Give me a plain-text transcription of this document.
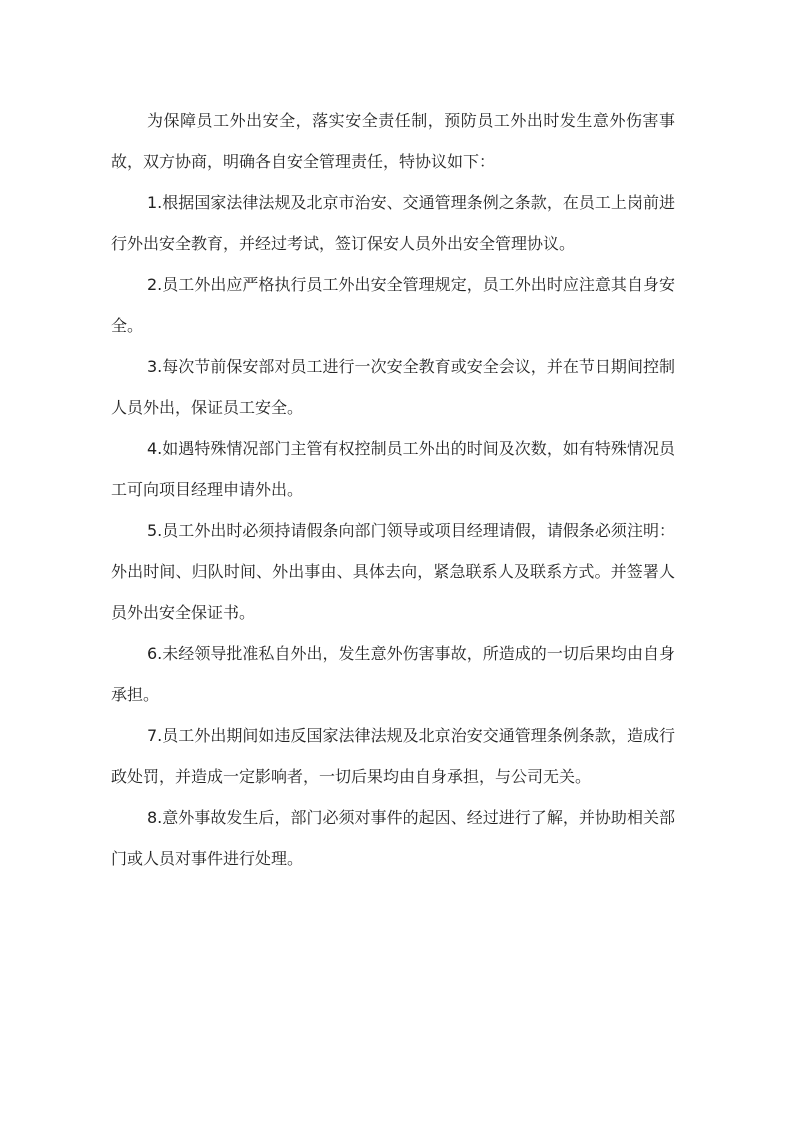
为保障员工外出安全，落实安全责任制，预防员工外出时发生意外伤害事故，双方协商，明确各自安全管理责任，特协议如下：

1.根据国家法律法规及北京市治安、交通管理条例之条款，在员工上岗前进行外出安全教育，并经过考试，签订保安人员外出安全管理协议。

2.员工外出应严格执行员工外出安全管理规定，员工外出时应注意其自身安全。

3.每次节前保安部对员工进行一次安全教育或安全会议，并在节日期间控制人员外出，保证员工安全。

4.如遇特殊情况部门主管有权控制员工外出的时间及次数，如有特殊情况员工可向项目经理申请外出。

5.员工外出时必须持请假条向部门领导或项目经理请假，请假条必须注明：外出时间、归队时间、外出事由、具体去向，紧急联系人及联系方式。并签署人员外出安全保证书。

6.未经领导批准私自外出，发生意外伤害事故，所造成的一切后果均由自身承担。

7.员工外出期间如违反国家法律法规及北京治安交通管理条例条款，造成行政处罚，并造成一定影响者，一切后果均由自身承担，与公司无关。

8.意外事故发生后，部门必须对事件的起因、经过进行了解，并协助相关部门或人员对事件进行处理。
